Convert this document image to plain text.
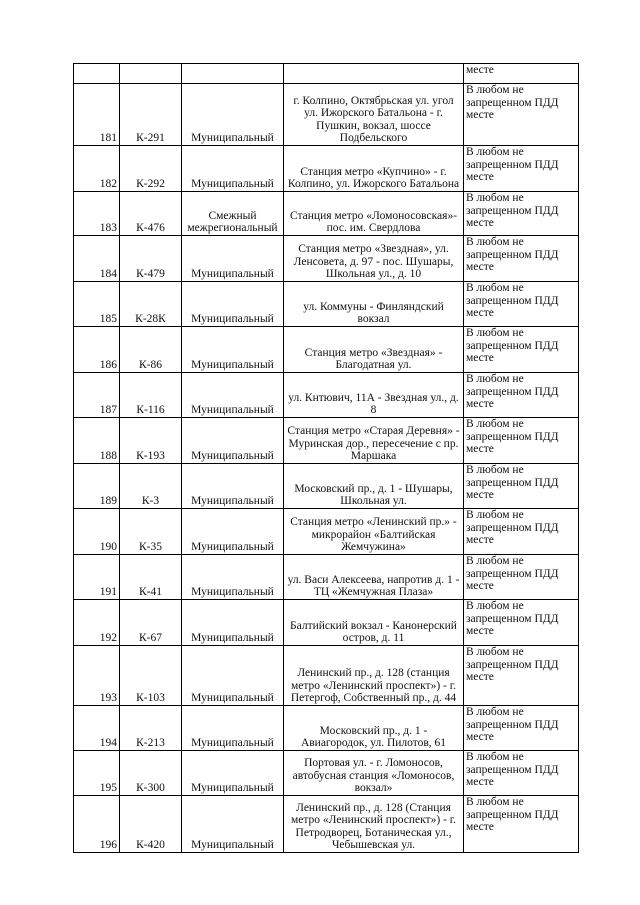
				месте
181	К-291	Муниципальный	г. Колпино, Октябрьская ул. угол ул. Ижорского Батальона - г. Пушкин, вокзал, шоссе Подбельского	В любом не запрещенном ПДД месте
182	К-292	Муниципальный	Станция метро «Купчино» - г. Колпино, ул. Ижорского Батальона	В любом не запрещенном ПДД месте
183	К-476	Смежный межрегиональный	Станция метро «Ломоносовская»- пос. им. Свердлова	В любом не запрещенном ПДД месте
184	К-479	Муниципальный	Станция метро «Звездная», ул. Ленсовета, д. 97 - пос. Шушары, Школьная ул., д. 10	В любом не запрещенном ПДД месте
185	К-28К	Муниципальный	ул. Коммуны - Финляндский вокзал	В любом не запрещенном ПДД месте
186	К-86	Муниципальный	Станция метро «Звездная» - Благодатная ул.	В любом не запрещенном ПДД месте
187	К-116	Муниципальный	ул. Кнтювич, 11А - Звездная ул., д. 8	В любом не запрещенном ПДД месте
188	К-193	Муниципальный	Станция метро «Старая Деревня» - Муринская дор., пересечение с пр. Маршака	В любом не запрещенном ПДД месте
189	К-3	Муниципальный	Московский пр., д. 1 - Шушары, Школьная ул.	В любом не запрещенном ПДД месте
190	К-35	Муниципальный	Станция метро «Ленинский пр.» - микрорайон «Балтийская Жемчужина»	В любом не запрещенном ПДД месте
191	К-41	Муниципальный	ул. Васи Алексеева, напротив д. 1 - ТЦ «Жемчужная Плаза»	В любом не запрещенном ПДД месте
192	К-67	Муниципальный	Балтийский вокзал - Канонерский остров, д. 11	В любом не запрещенном ПДД месте
193	К-103	Муниципальный	Ленинский пр., д. 128 (станция метро «Ленинский проспект») - г. Петергоф, Собственный пр., д. 44	В любом не запрещенном ПДД месте
194	К-213	Муниципальный	Московский пр., д. 1 - Авиагородок, ул. Пилотов, 61	В любом не запрещенном ПДД месте
195	К-300	Муниципальный	Портовая ул. - г. Ломоносов, автобусная станция «Ломоносов, вокзал»	В любом не запрещенном ПДД месте
196	К-420	Муниципальный	Ленинский пр., д. 128 (Станция метро «Ленинский проспект») - г. Петродворец, Ботаническая ул., Чебышевская ул.	В любом не запрещенном ПДД месте
